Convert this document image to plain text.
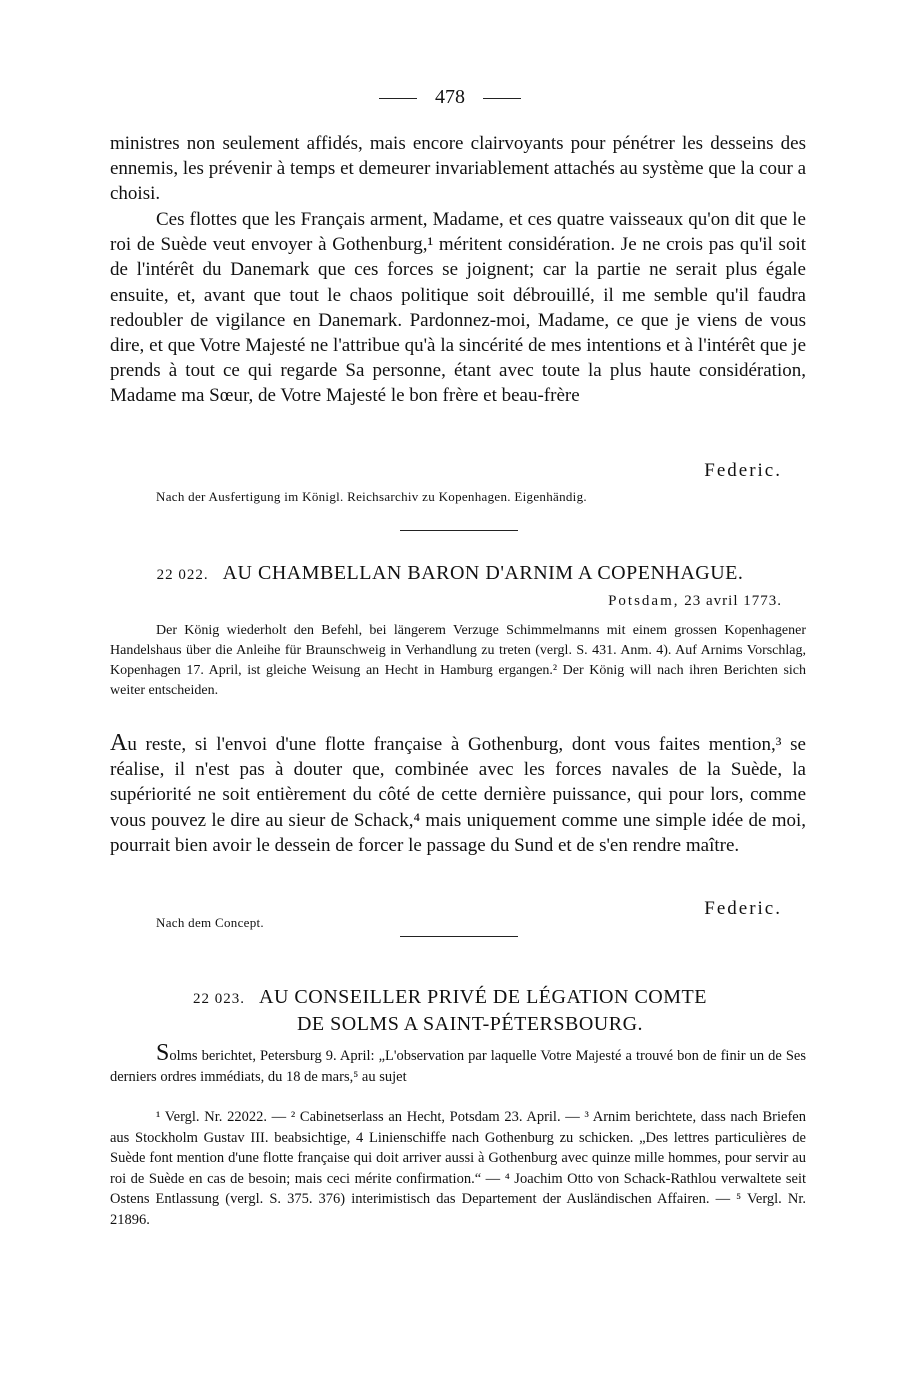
478

ministres non seulement affidés, mais encore clairvoyants pour pénétrer les desseins des ennemis, les prévenir à temps et demeurer invariablement attachés au système que la cour a choisi.

Ces flottes que les Français arment, Madame, et ces quatre vaisseaux qu'on dit que le roi de Suède veut envoyer à Gothenburg,¹ méritent considération. Je ne crois pas qu'il soit de l'intérêt du Danemark que ces forces se joignent; car la partie ne serait plus égale ensuite, et, avant que tout le chaos politique soit débrouillé, il me semble qu'il faudra redoubler de vigilance en Danemark. Pardonnez-moi, Madame, ce que je viens de vous dire, et que Votre Majesté ne l'attribue qu'à la sincérité de mes intentions et à l'intérêt que je prends à tout ce qui regarde Sa personne, étant avec toute la plus haute considération, Madame ma Sœur, de Votre Majesté le bon frère et beau-frère

Federic.
Nach der Ausfertigung im Königl. Reichsarchiv zu Kopenhagen. Eigenhändig.
22 022. AU CHAMBELLAN BARON D'ARNIM A COPENHAGUE.
Potsdam, 23 avril 1773.

Der König wiederholt den Befehl, bei längerem Verzuge Schimmelmanns mit einem grossen Kopenhagener Handelshaus über die Anleihe für Braunschweig in Verhandlung zu treten (vergl. S. 431. Anm. 4). Auf Arnims Vorschlag, Kopenhagen 17. April, ist gleiche Weisung an Hecht in Hamburg ergangen.² Der König will nach ihren Berichten sich weiter entscheiden.

Au reste, si l'envoi d'une flotte française à Gothenburg, dont vous faites mention,³ se réalise, il n'est pas à douter que, combinée avec les forces navales de la Suède, la supériorité ne soit entièrement du côté de cette dernière puissance, qui pour lors, comme vous pouvez le dire au sieur de Schack,⁴ mais uniquement comme une simple idée de moi, pourrait bien avoir le dessein de forcer le passage du Sund et de s'en rendre maître.

Federic.
Nach dem Concept.
22 023. AU CONSEILLER PRIVÉ DE LÉGATION COMTE
DE SOLMS A SAINT-PÉTERSBOURG.

Solms berichtet, Petersburg 9. April: „L'observation par laquelle Votre Majesté a trouvé bon de finir un de Ses derniers ordres immédiats, du 18 de mars,⁵ au sujet

¹ Vergl. Nr. 22022. — ² Cabinetserlass an Hecht, Potsdam 23. April. — ³ Arnim berichtete, dass nach Briefen aus Stockholm Gustav III. beabsichtige, 4 Linienschiffe nach Gothenburg zu schicken. „Des lettres particulières de Suède font mention d'une flotte française qui doit arriver aussi à Gothenburg avec quinze mille hommes, pour servir au roi de Suède en cas de besoin; mais ceci mérite confirmation.“ — ⁴ Joachim Otto von Schack-Rathlou verwaltete seit Ostens Entlassung (vergl. S. 375. 376) interimistisch das Departement der Ausländischen Affairen. — ⁵ Vergl. Nr. 21896.
